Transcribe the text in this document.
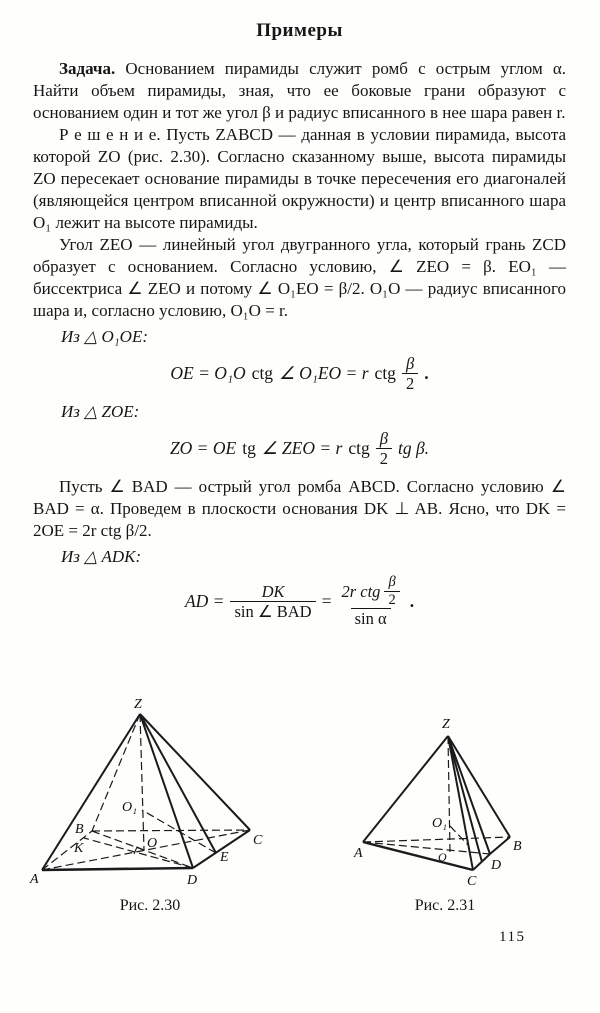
Примеры

Задача. Основанием пирамиды служит ромб с острым углом α. Найти объем пирамиды, зная, что ее боковые грани образуют с основанием один и тот же угол β и радиус вписанного в нее шара равен r.

Р е ш е н и е. Пусть ZABCD — данная в условии пирамида, высота которой ZO (рис. 2.30). Согласно сказанному выше, высота пирамиды ZO пересекает основание пирамиды в точке пересечения его диагоналей (являющейся центром вписанной окружности) и центр вписанного шара O₁ лежит на высоте пирамиды.

Угол ZEO — линейный угол двугранного угла, который грань ZCD образует с основанием. Согласно условию, ∠ ZEO = β. EO₁ — биссектриса ∠ ZEO и потому ∠ O₁EO = β/2. O₁O — радиус вписанного шара и, согласно условию, O₁O = r.

Из △ O₁OE:
OE = O₁O ctg ∠ O₁EO = r ctg $\frac{\beta}{2}$ .
Из △ ZOE:
ZO = OE tg ∠ ZEO = r ctg $\frac{\beta}{2}$ tg β.

Пусть ∠ BAD — острый угол ромба ABCD. Согласно условию ∠ BAD = α. Проведем в плоскости основания DK ⊥ AB. Ясно, что DK = 2OE = 2r ctg β/2.

Из △ ADK:
AD = $\frac{DK}{\text{sin ∠ BAD}} = \frac{2r ctg \frac{\beta}{2}}{\text{sin α}}$ .
Z
A
B
C
D
E
K	O
O₁
Рис. 2.30
Z
A	B
C
D
O
O₁
Рис. 2.31
115
